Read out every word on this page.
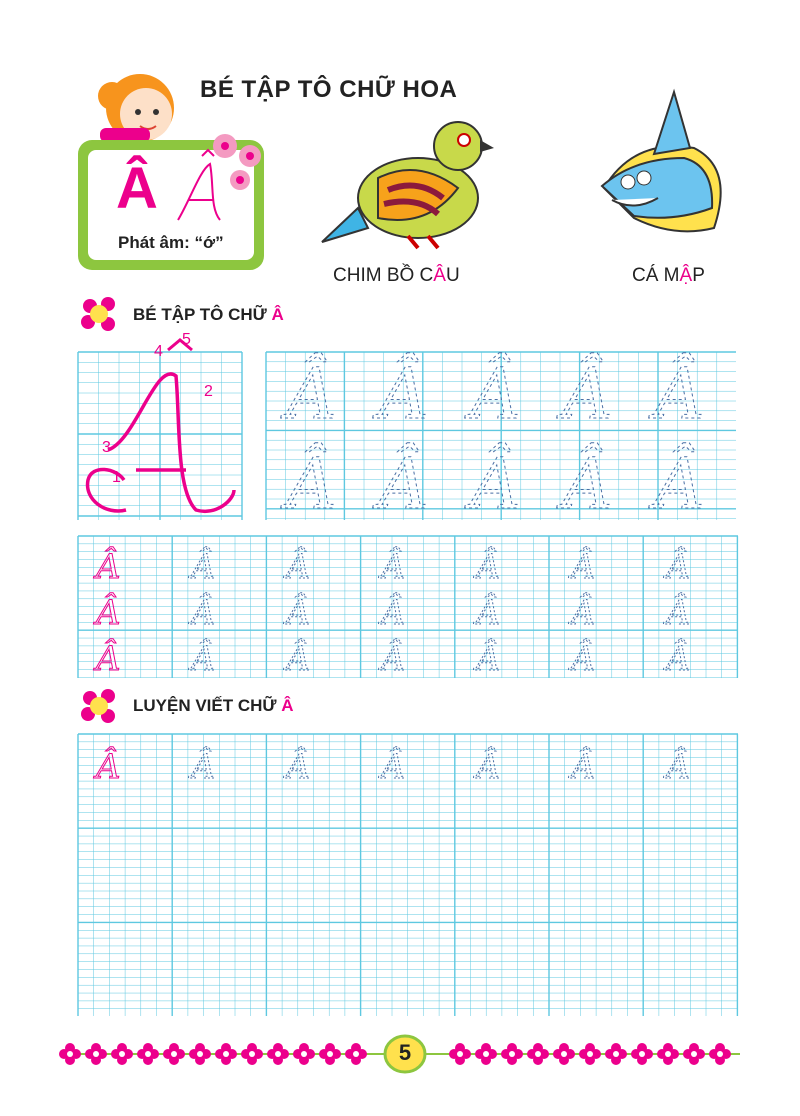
BÉ TẬP TÔ CHỮ HOA
Â
Phát âm: “ớ”
CHIM BỒ CÂU	CÁ MẬP
BÉ TẬP TÔ CHỮ Â
Â Â Â Â Â
Â Â Â Â Â
Â Â Â Â Â Â Â
Â Â Â Â Â Â Â
Â Â Â Â Â Â Â
Â Â Â Â Â Â Â
1
2
3
4
5
LUYỆN VIẾT CHỮ Â
5
